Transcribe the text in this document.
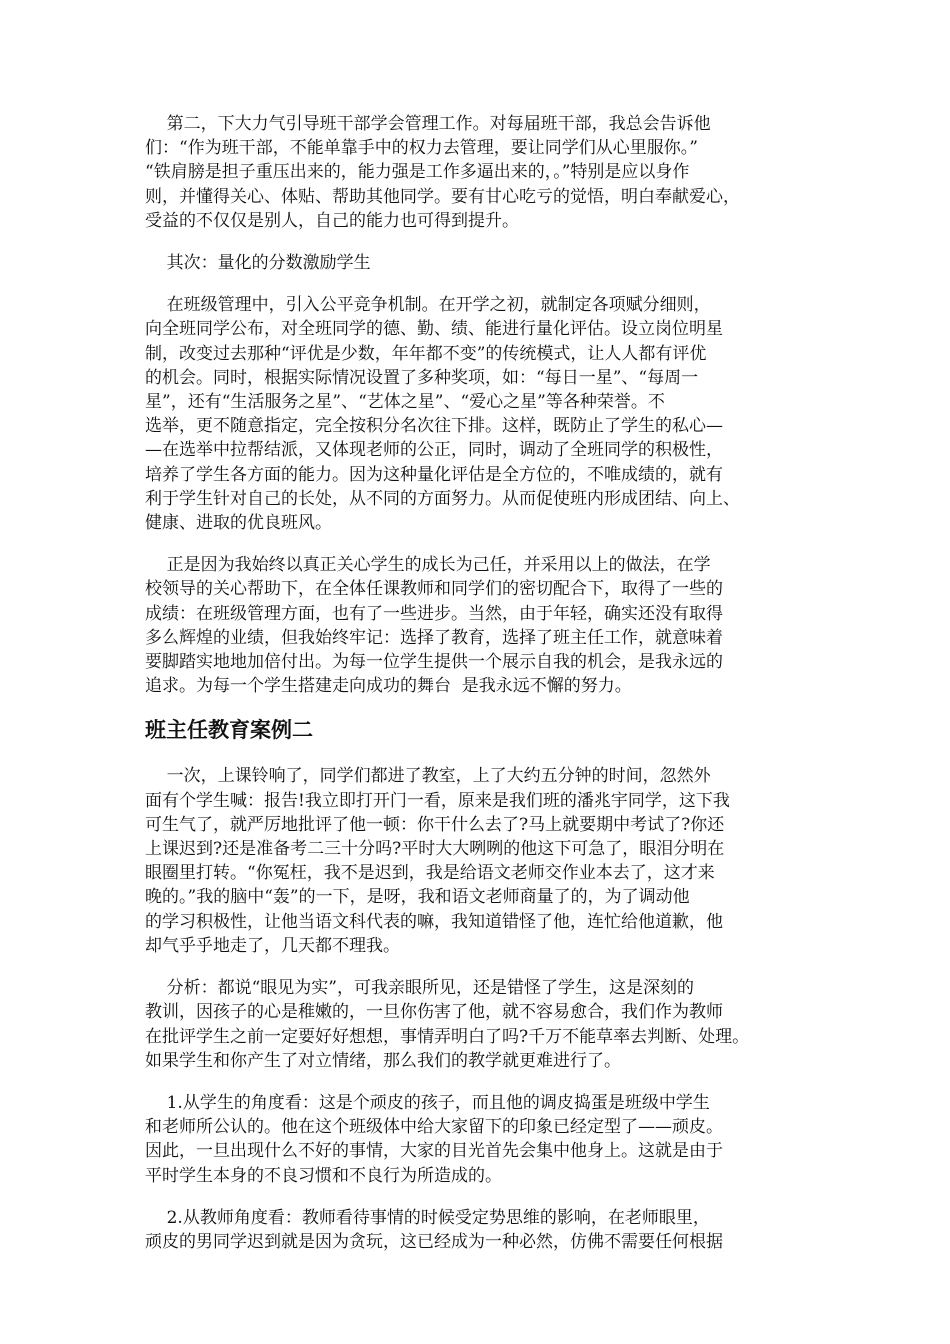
第二，下大力气引导班干部学会管理工作。对每届班干部，我总会告诉他
们：“作为班干部，不能单靠手中的权力去管理，要让同学们从心里服你。”
“铁肩膀是担子重压出来的，能力强是工作多逼出来的，。”特别是应以身作
则，并懂得关心、体贴、帮助其他同学。要有甘心吃亏的觉悟，明白奉献爱心，
受益的不仅仅是别人，自己的能力也可得到提升。
其次：量化的分数激励学生
在班级管理中，引入公平竞争机制。在开学之初，就制定各项赋分细则，
向全班同学公布，对全班同学的德、勤、绩、能进行量化评估。设立岗位明星
制，改变过去那种“评优是少数，年年都不变”的传统模式，让人人都有评优
的机会。同时，根据实际情况设置了多种奖项，如：“每日一星”、“每周一
星”，还有“生活服务之星”、“艺体之星”、“爱心之星”等各种荣誉。不
选举，更不随意指定，完全按积分名次往下排。这样，既防止了学生的私心—
—在选举中拉帮结派，又体现老师的公正，同时，调动了全班同学的积极性，
培养了学生各方面的能力。因为这种量化评估是全方位的，不唯成绩的，就有
利于学生针对自己的长处，从不同的方面努力。从而促使班内形成团结、向上、
健康、进取的优良班风。
正是因为我始终以真正关心学生的成长为己任，并采用以上的做法，在学
校领导的关心帮助下，在全体任课教师和同学们的密切配合下，取得了一些的
成绩：在班级管理方面，也有了一些进步。当然，由于年轻，确实还没有取得
多么辉煌的业绩，但我始终牢记：选择了教育，选择了班主任工作，就意味着
要脚踏实地地加倍付出。为每一位学生提供一个展示自我的机会，是我永远的
追求。为每一个学生搭建走向成功的舞台  是我永远不懈的努力。
班主任教育案例二
一次，上课铃响了，同学们都进了教室，上了大约五分钟的时间，忽然外
面有个学生喊：报告!我立即打开门一看，原来是我们班的潘兆宇同学，这下我
可生气了，就严厉地批评了他一顿：你干什么去了?马上就要期中考试了?你还
上课迟到?还是准备考二三十分吗?平时大大咧咧的他这下可急了，眼泪分明在
眼圈里打转。“你冤枉，我不是迟到，我是给语文老师交作业本去了，这才来
晚的。”我的脑中“轰”的一下，是呀，我和语文老师商量了的，为了调动他
的学习积极性，让他当语文科代表的嘛，我知道错怪了他，连忙给他道歉，他
却气乎乎地走了，几天都不理我。
分析：都说“眼见为实”，可我亲眼所见，还是错怪了学生，这是深刻的
教训，因孩子的心是稚嫩的，一旦你伤害了他，就不容易愈合，我们作为教师
在批评学生之前一定要好好想想，事情弄明白了吗?千万不能草率去判断、处理。
如果学生和你产生了对立情绪，那么我们的教学就更难进行了。
1.从学生的角度看：这是个顽皮的孩子，而且他的调皮捣蛋是班级中学生
和老师所公认的。他在这个班级体中给大家留下的印象已经定型了——顽皮。
因此，一旦出现什么不好的事情，大家的目光首先会集中他身上。这就是由于
平时学生本身的不良习惯和不良行为所造成的。
2.从教师角度看：教师看待事情的时候受定势思维的影响，在老师眼里，
顽皮的男同学迟到就是因为贪玩，这已经成为一种必然，仿佛不需要任何根据
